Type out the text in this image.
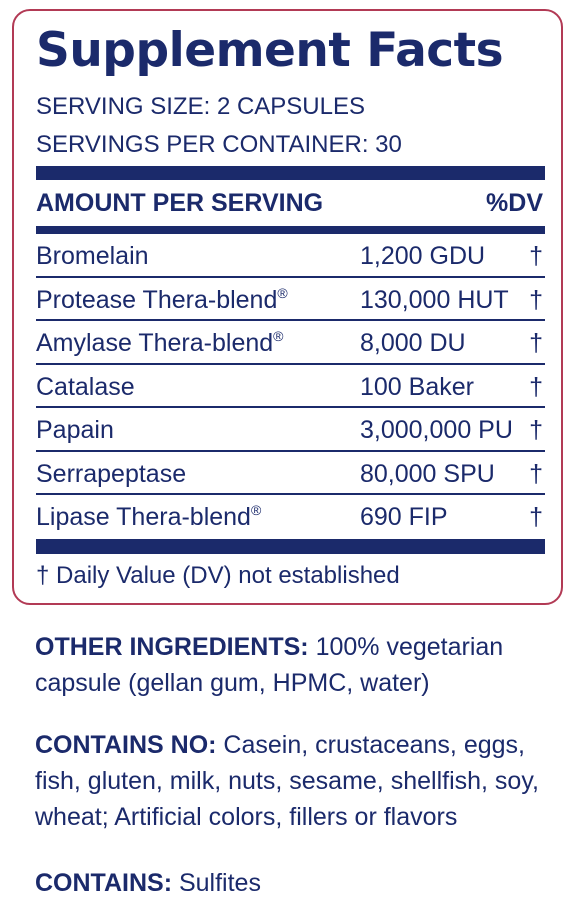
Supplement Facts
SERVING SIZE: 2 CAPSULES
SERVINGS PER CONTAINER: 30
AMOUNT PER SERVING	%DV
Bromelain	1,200 GDU †
Protease Thera-blend®	130,000 HUT †
Amylase Thera-blend®	8,000 DU	†
Catalase	100 Baker †
Papain	3,000,000 PU †
Serrapeptase	80,000 SPU †
Lipase Thera-blend®	690 FIP	†
† Daily Value (DV) not established

OTHER INGREDIENTS: 100% vegetarian capsule (gellan gum, HPMC, water)

CONTAINS NO: Casein, crustaceans, eggs, fish, gluten, milk, nuts, sesame, shellfish, soy, wheat; Artificial colors, fillers or flavors

CONTAINS: Sulfites
